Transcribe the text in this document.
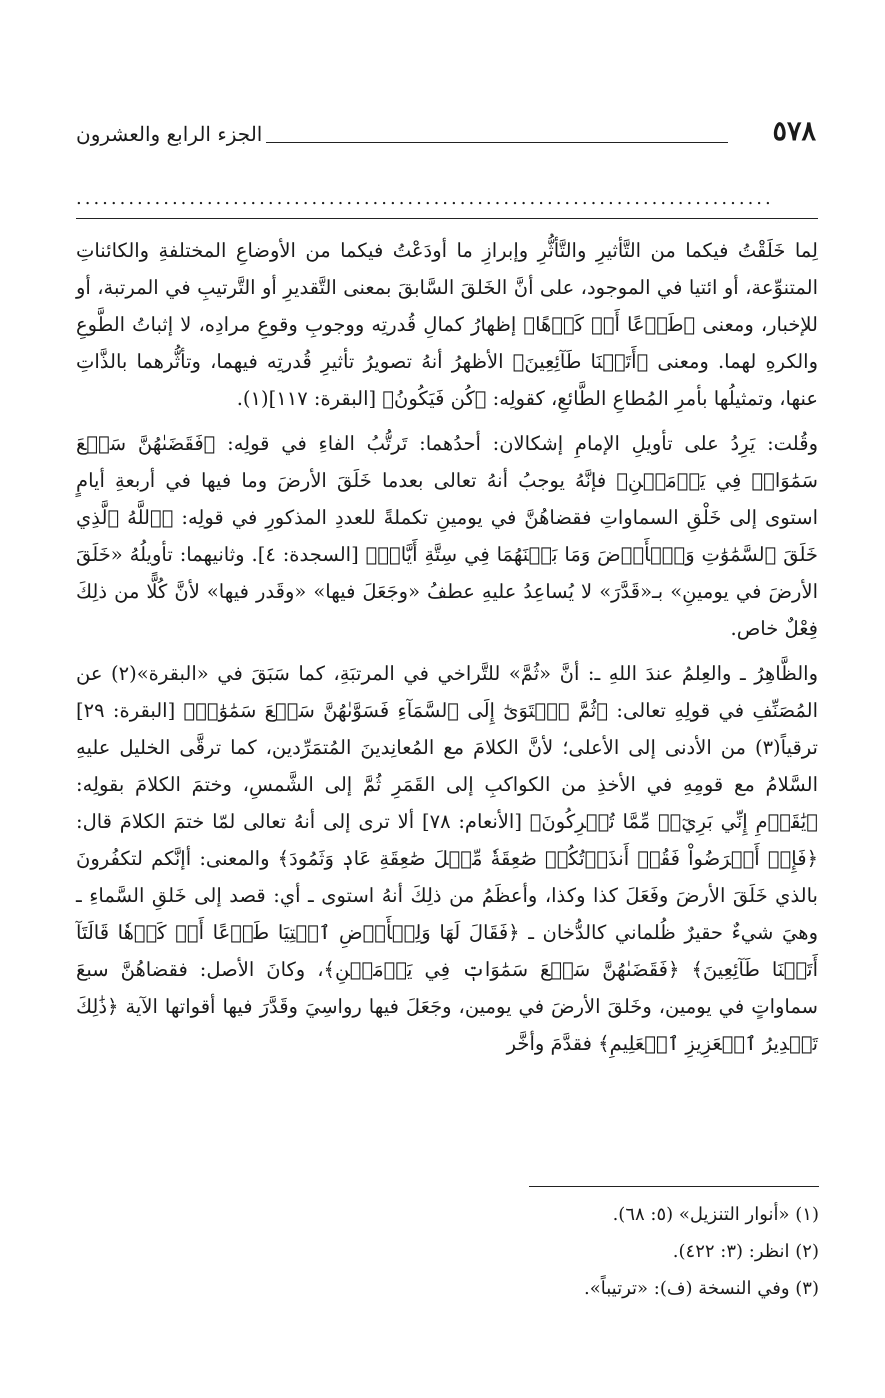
٥٧٨
الجزء الرابع والعشرون
................................................................................

لِما خَلَقْتُ فيكما من التَّأثيرِ والتَّأثُّرِ وإبرازِ ما أودَعْتُ فيكما من الأوضاعِ المختلفةِ والكائناتِ المتنوِّعة، أو ائتيا في الموجود، على أنَّ الخَلقَ السَّابقَ بمعنى التَّقديرِ أو التَّرتيبِ في المرتبة، أو للإخبار، ومعنى ﴿طَوۡعًا أَوۡ كَرۡهًا﴾ إظهارُ كمالِ قُدرتِه ووجوبِ وقوعِ مرادِه، لا إثباتُ الطَّوعِ والكرهِ لهما. ومعنى ﴿أَتَيۡنَا طَآئِعِينَ﴾ الأظهرُ أنهُ تصويرُ تأثيرِ قُدرتِه فيهما، وتأثُّرهما بالذَّاتِ عنها، وتمثيلُها بأمرِ المُطاعِ الطَّائعِ، كقولِه: ﴿كُن فَيَكُونُ﴾ [البقرة: ١١٧](١).

وقُلت: يَرِدُ على تأويلِ الإمامِ إشكالان: أحدُهما: تَرتُّبُ الفاءِ في قولِه: ﴿فَقَضَىٰهُنَّ سَبۡعَ سَمَٰوَاتٖ فِي يَوۡمَيۡنِ﴾ فإنَّهُ يوجبُ أنهُ تعالى بعدما خَلَقَ الأرضَ وما فيها في أربعةِ أيامٍ استوى إلى خَلْقِ السماواتِ فقضاهُنَّ في يومينِ تكملةً للعددِ المذكورِ في قولِه: ﴿ٱللَّهُ ٱلَّذِي خَلَقَ ٱلسَّمَٰوَٰتِ وَٱلۡأَرۡضَ وَمَا بَيۡنَهُمَا فِي سِتَّةِ أَيَّامٖ﴾ [السجدة: ٤]. وثانيهما: تأويلُهُ «خَلَقَ الأرضَ في يومينِ» بـ«قَدَّرَ» لا يُساعِدُ عليهِ عطفُ «وجَعَلَ فيها» «وقَدر فيها» لأنَّ كُلًّا من ذلِكَ فِعْلٌ خاص.

والظَّاهِرُ ـ والعِلمُ عندَ اللهِ ـ: أنَّ «ثُمَّ» للتَّراخي في المرتبَةِ، كما سَبَقَ في «البقرة»(٢) عن المُصَنِّفِ في قولِهِ تعالى: ﴿ثُمَّ ٱسۡتَوَىٰٓ إِلَى ٱلسَّمَآءِ فَسَوَّىٰهُنَّ سَبۡعَ سَمَٰوَٰتٖ﴾ [البقرة: ٢٩] ترقياً(٣) من الأدنى إلى الأعلى؛ لأنَّ الكلامَ مع المُعانِدينَ المُتمَرِّدين، كما ترقَّى الخليل عليهِ السَّلامُ مع قومِهِ في الأخذِ من الكواكبِ إلى القَمَرِ ثُمَّ إلى الشَّمسِ، وختمَ الكلامَ بقولِه: ﴿يَٰقَوۡمِ إِنِّي بَرِيٓءٞ مِّمَّا تُشۡرِكُونَ﴾ [الأنعام: ٧٨] ألا ترى إلى أنهُ تعالى لمّا ختمَ الكلامَ قال: ﴿فَإِنۡ أَعۡرَضُواْ فَقُلۡ أَنذَرۡتُكُمۡ صَٰعِقَةٗ مِّثۡلَ صَٰعِقَةِ عَادٖ وَثَمُودَ﴾ والمعنى: أإنَّكم لتكفُرونَ بالذي خَلَقَ الأرضَ وفَعَلَ كذا وكذا، وأعظَمُ من ذلِكَ أنهُ استوى ـ أي: قصد إلى خَلقِ السَّماءِ ـ وهيَ شيءٌ حقيرٌ ظُلماني كالدُّخان ـ ﴿فَقَالَ لَهَا وَلِلۡأَرۡضِ ٱئۡتِيَا طَوۡعًا أَوۡ كَرۡهٗا قَالَتَآ أَتَيۡنَا طَآئِعِينَ﴾ ﴿فَقَضَىٰهُنَّ سَبۡعَ سَمَٰوَاتٖ فِي يَوۡمَيۡنِ﴾، وكانَ الأصل: فقضاهُنَّ سبعَ سماواتٍ في يومين، وخَلقَ الأرضَ في يومين، وجَعَلَ فيها رواسِيَ وقَدَّرَ فيها أقواتها الآية ﴿ذَٰلِكَ تَقۡدِيرُ ٱلۡعَزِيزِ ٱلۡعَلِيمِ﴾ فقدَّمَ وأخَّر

(١) «أنوار التنزيل» (٥: ٦٨).

(٢) انظر: (٣: ٤٢٢).

(٣) وفي النسخة (ف): «ترتيباً».
